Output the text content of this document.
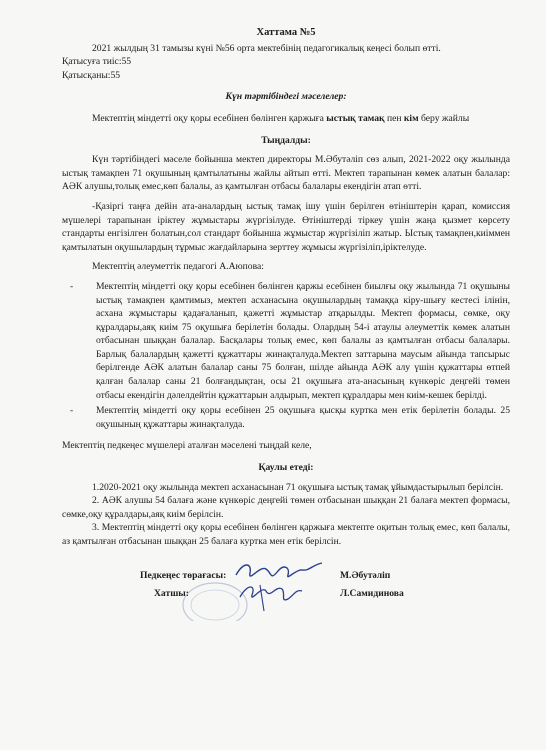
Хаттама №5

2021 жылдың 31 тамызы күні №56 орта мектебінің педагогикалық кеңесі болып өтті.

Қатысуға тиіс:55

Қатысқаны:55

Күн тәртібіндегі мәселелер:

Мектептің міндетті оқу қоры есебінен бөлінген қаржыға ыстық тамақ пен кім беру жайлы

Тыңдалды:

Күн тәртібіндегі мәселе бойынша мектеп директоры М.Әбутәліп сөз алып, 2021-2022 оқу жылында ыстық тамақпен 71 оқушының қамтылатыны жайлы айтып өтті. Мектеп тарапынан көмек алатын балалар: АӘК алушы,толық емес,көп балалы, аз қамтылған отбасы балалары екендігін атап өтті.

-Қазіргі таңға дейін ата-аналардың ыстық тамақ ішу үшін берілген өтініштерін қарап, комиссия мүшелері тарапынан іріктеу жұмыстары жүргізілуде. Өтініштерді тіркеу үшін жаңа қызмет көрсету стандарты енгізілген болатын,сол стандарт бойынша жұмыстар жүргізіліп жатыр. Ыстық тамақпен,киіммен қамтылатын оқушылардың тұрмыс жағдайларына зерттеу жұмысы жүргізіліп,іріктелуде.

Мектептің әлеуметтік педагогі А.Аюпова:

- Мектептің міндетті оқу қоры есебінен бөлінген қаржы есебінен биылғы оқу жылында 71 оқушыны ыстық тамақпен қамтимыз, мектеп асханасына оқушылардың тамаққа кіру-шығу кестесі ілінін, асхана жұмыстары қадағаланып, қажетті жұмыстар атқарылды. Мектеп формасы, сөмке, оқу құралдары,аяқ киім 75 оқушыға берілетін болады. Олардың 54-і атаулы әлеуметтік көмек алатын отбасынан шыққан балалар. Басқалары толық емес, көп балалы аз қамтылған отбасы балалары. Барлық балалардың қажетті құжаттары жинақталуда.Мектеп заттарына маусым айында тапсырыс берілгенде АӘК алатын балалар саны 75 болған, шілде айында АӘК алу үшін құжаттары өтпей қалған балалар саны 21 болғандықтан, осы 21 оқушыға ата-анасының күнкөріс деңгейі төмен отбасы екендігін дәлелдейтін құжаттарын алдырып, мектеп құралдары мен киім-кешек берілді.
- Мектептің міндетті оқу қоры есебінен 25 оқушыға қысқы куртка мен етік берілетін болады. 25 оқушының құжаттары жинақталуда.

Мектептің педкеңес мүшелері аталған мәселені тыңдай келе,

Қаулы етеді:

1.2020-2021 оқу жылында мектеп асханасынан 71 оқушыға ыстық тамақ ұйымдастырылып берілсін.

2. АӘК алушы 54 балаға және күнкөріс деңгейі төмен отбасынан шыққан 21 балаға мектеп формасы, сөмке,оқу құралдары,аяқ киім берілсін.

3. Мектептің міндетті оқу қоры есебінен бөлінген қаржыға мектепте оқитын толық емес, көп балалы, аз қамтылған отбасынан шыққан 25 балаға куртка мен етік берілсін.

Педкеңес төрағасы:	М.Әбутәліп
Хатшы:	Л.Самидинова
